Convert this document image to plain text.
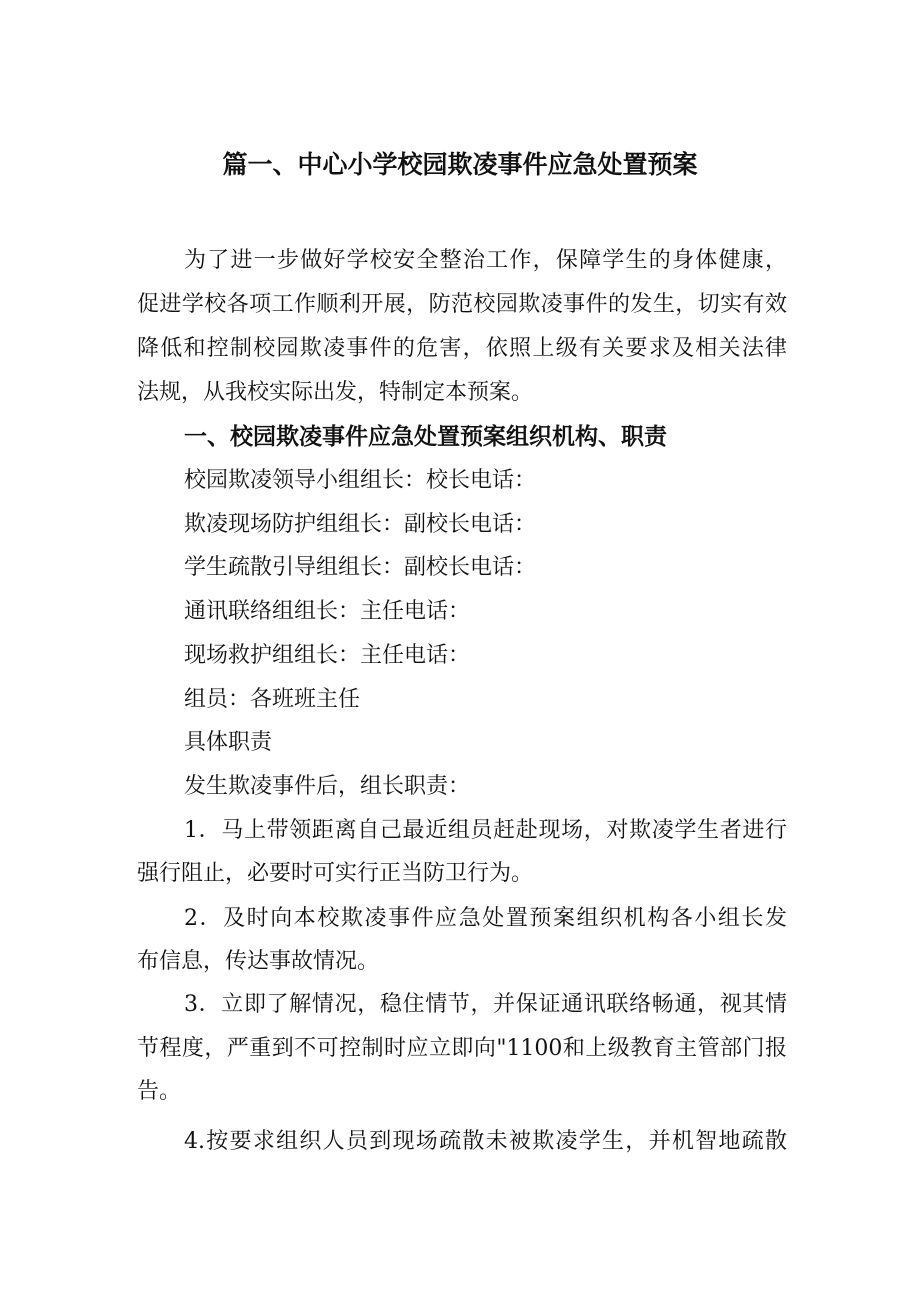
篇一、中心小学校园欺凌事件应急处置预案
为了进一步做好学校安全整治工作，保障学生的身体健康，
促进学校各项工作顺利开展，防范校园欺凌事件的发生，切实有效
降低和控制校园欺凌事件的危害，依照上级有关要求及相关法律
法规，从我校实际出发，特制定本预案。
一、校园欺凌事件应急处置预案组织机构、职责
校园欺凌领导小组组长：校长电话：
欺凌现场防护组组长：副校长电话：
学生疏散引导组组长：副校长电话：
通讯联络组组长：主任电话：
现场救护组组长：主任电话：
组员：各班班主任
具体职责
发生欺凌事件后，组长职责：
1．马上带领距离自己最近组员赶赴现场，对欺凌学生者进行
强行阻止，必要时可实行正当防卫行为。
2．及时向本校欺凌事件应急处置预案组织机构各小组长发
布信息，传达事故情况。
3．立即了解情况，稳住情节，并保证通讯联络畅通，视其情
节程度，严重到不可控制时应立即向"1100和上级教育主管部门报
告。
4.按要求组织人员到现场疏散未被欺凌学生，并机智地疏散
